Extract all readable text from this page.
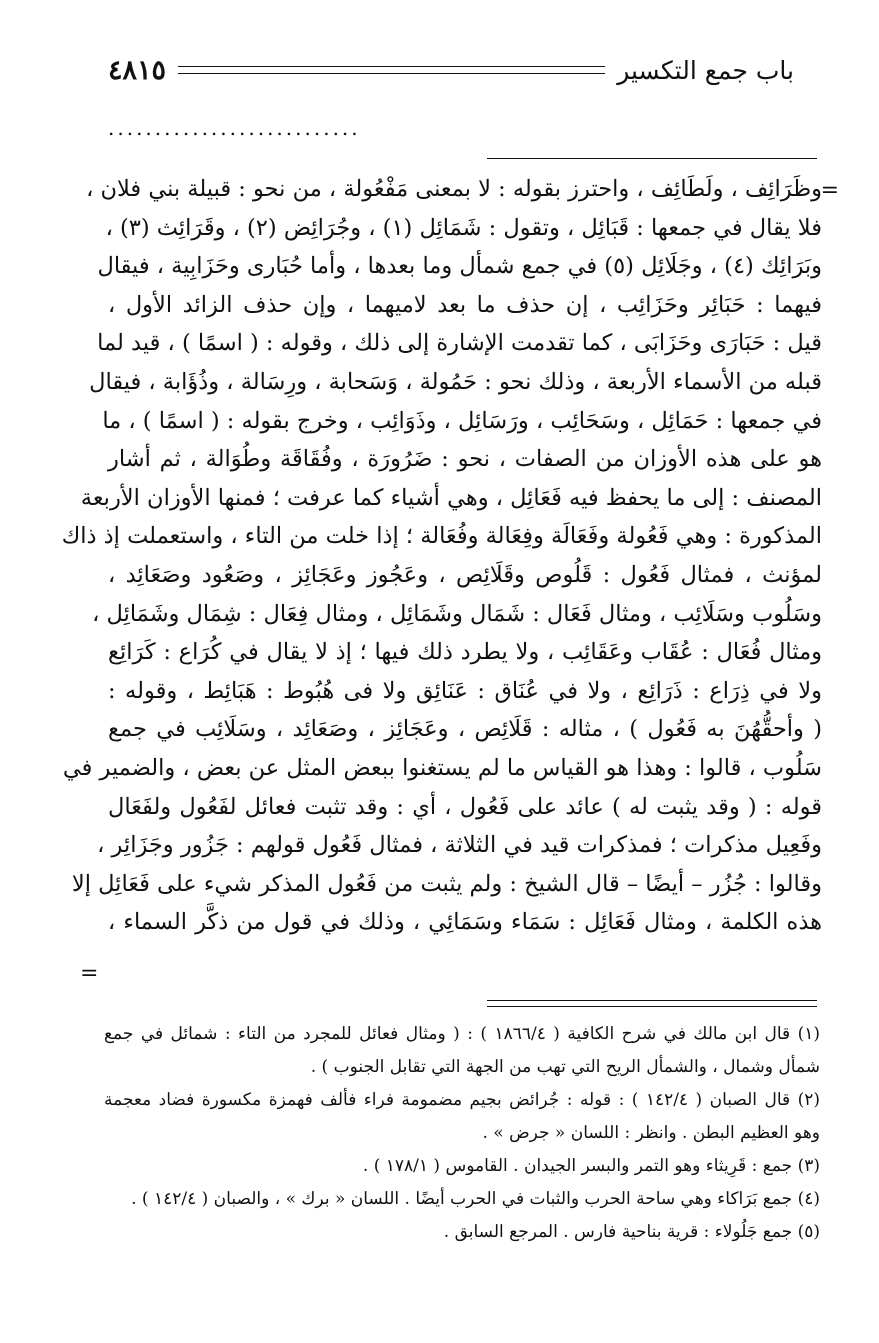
باب جمع التكسير
٤٨١٥
...........................
=
وظَرَائِف ، ولَطَائِف ، واحترز بقوله : لا بمعنى مَفْعُولة ، من نحو : قبيلة بني فلان ،
فلا يقال في جمعها : قَبَائِل ، وتقول : شَمَائِل (١) ، وجُرَائِض (٢) ، وقَرَائِث (٣) ،
وبَرَائِك (٤) ، وجَلَائِل (٥) في جمع شمأل وما بعدها ، وأما حُبَارى وحَزَابِية ، فيقال
فيهما : حَبَائِر وحَزَائِب ، إن حذف ما بعد لاميهما ، وإن حذف الزائد الأول ،
قيل : حَبَارَى وحَزَابَى ، كما تقدمت الإشارة إلى ذلك ، وقوله : ( اسمًا ) ، قيد لما
قبله من الأسماء الأربعة ، وذلك نحو : حَمُولة ، وَسَحابة ، ورِسَالة ، وذُؤَابة ، فيقال
في جمعها : حَمَائِل ، وسَحَائِب ، ورَسَائِل ، وذَوَائِب ، وخرج بقوله : ( اسمًا ) ، ما
هو على هذه الأوزان من الصفات ، نحو : ضَرُورَة ، وفُقَاقَة وطُوَالة ، ثم أشار
المصنف : إلى ما يحفظ فيه فَعَائِل ، وهي أشياء كما عرفت ؛ فمنها الأوزان الأربعة
المذكورة : وهي فَعُولة وفَعَالَة وفِعَالة وفُعَالة ؛ إذا خلت من التاء ، واستعملت إذ ذاك
لمؤنث ، فمثال فَعُول : قَلُوص وقَلَائِص ، وعَجُوز وعَجَائِز ، وصَعُود وصَعَائِد ،
وسَلُوب وسَلَائِب ، ومثال فَعَال : شَمَال وشَمَائِل ، ومثال فِعَال : شِمَال وشَمَائِل ،
ومثال فُعَال : عُقَاب وعَقَائِب ، ولا يطرد ذلك فيها ؛ إذ لا يقال في كُرَاع : كَرَائِع
ولا في ذِرَاع : ذَرَائِع ، ولا في عُنَاق : عَنَائِق ولا فى هُبُوط : هَبَائِط ، وقوله :
( وأحقُّهُنَ به فَعُول ) ، مثاله : قَلَائِص ، وعَجَائِز ، وصَعَائِد ، وسَلَائِب في جمع
سَلُوب ، قالوا : وهذا هو القياس ما لم يستغنوا ببعض المثل عن بعض ، والضمير في
قوله : ( وقد يثبت له ) عائد على فَعُول ، أي : وقد تثبت فعائل لفَعُول ولفَعَال
وفَعِيل مذكرات ؛ فمذكرات قيد في الثلاثة ، فمثال فَعُول قولهم : جَزُور وجَزَائِر ،
وقالوا : جُزُر – أيضًا – قال الشيخ : ولم يثبت من فَعُول المذكر شيء على فَعَائِل إلا
هذه الكلمة ، ومثال فَعَائِل : سَمَاء وسَمَائِي ، وذلك في قول من ذكَّر السماء ،
=
(١) قال ابن مالك في شرح الكافية ( ١٨٦٦/٤ ) : ( ومثال فعائل للمجرد من التاء : شمائل في جمع
شمأل وشمال ، والشمأل الريح التي تهب من الجهة التي تقابل الجنوب ) .
(٢) قال الصبان ( ١٤٢/٤ ) : قوله : جُرائض بجيم مضمومة فراء فألف فهمزة مكسورة فضاد معجمة
وهو العظيم البطن . وانظر : اللسان « جرض » .
(٣) جمع : قَرِيثاء وهو التمر والبسر الجيدان . القاموس ( ١٧٨/١ ) .
(٤) جمع بَرَاكاء وهي ساحة الحرب والثبات في الحرب أيضًا . اللسان « برك » ، والصبان ( ١٤٢/٤ ) .
(٥) جمع جَلُولاء : قرية بناحية فارس . المرجع السابق .
